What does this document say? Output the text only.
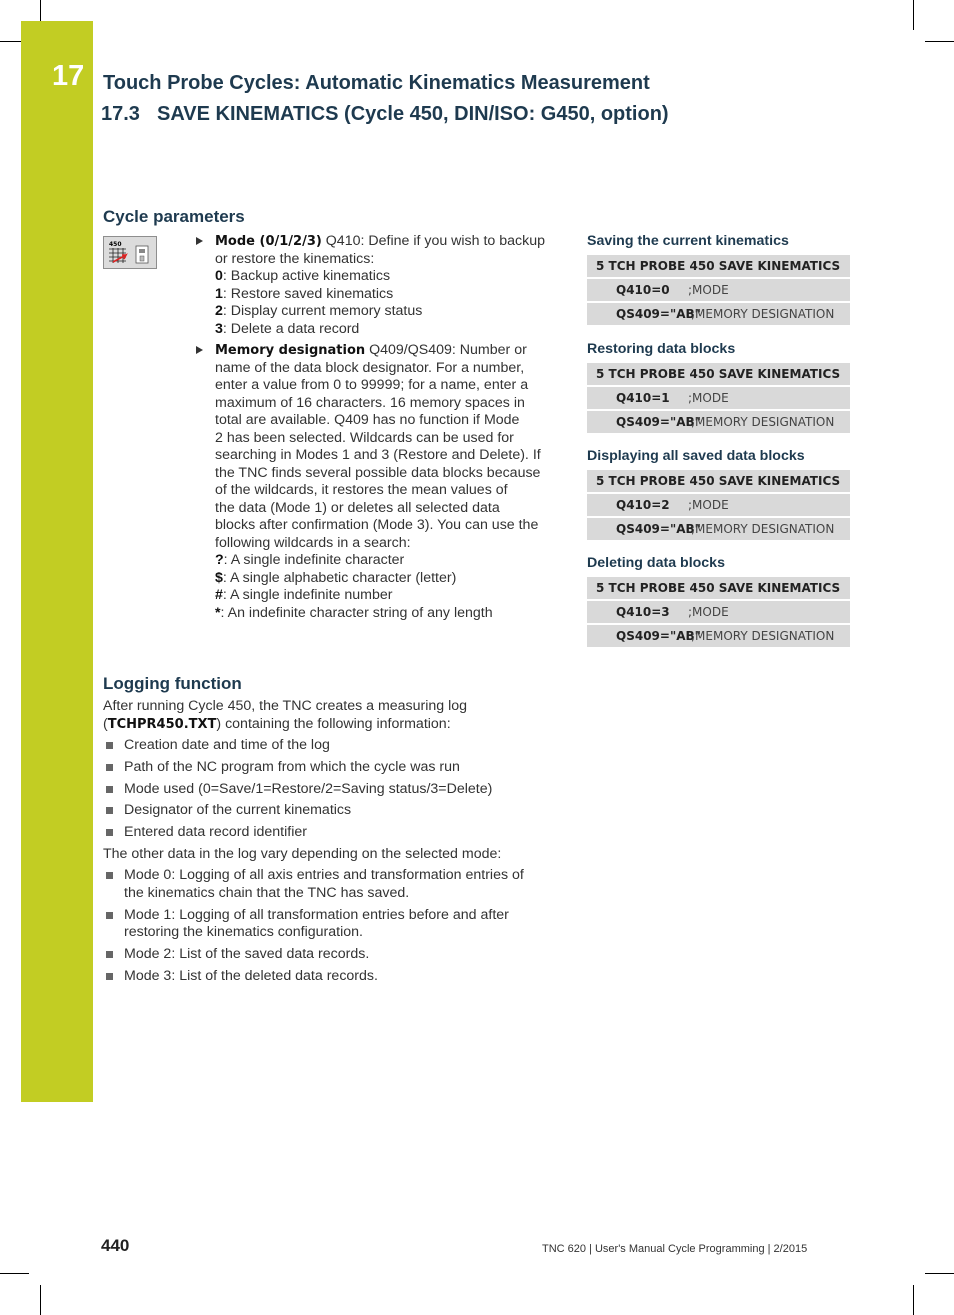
17 Touch Probe Cycles: Automatic Kinematics Measurement
17.3 SAVE KINEMATICS (Cycle 450, DIN/ISO: G450, option)
Cycle parameters
450	Mode (0/1/2/3) Q410: Define if you wish to backup
or restore the kinematics:
0: Backup active kinematics
1: Restore saved kinematics
2: Display current memory status
3: Delete a data record
Memory designation Q409/QS409: Number or
name of the data block designator. For a number,
enter a value from 0 to 99999; for a name, enter a
maximum of 16 characters. 16 memory spaces in
total are available. Q409 has no function if Mode
2 has been selected. Wildcards can be used for
searching in Modes 1 and 3 (Restore and Delete). If
the TNC finds several possible data blocks because
of the wildcards, it restores the mean values of
the data (Mode 1) or deletes all selected data
blocks after confirmation (Mode 3). You can use the
following wildcards in a search:
?: A single indefinite character
$: A single alphabetic character (letter)
#: A single indefinite number
*: An indefinite character string of any length
Logging function

After running Cycle 450, the TNC creates a measuring log (TCHPR450.TXT) containing the following information:

Creation date and time of the log
Path of the NC program from which the cycle was run
Mode used (0=Save/1=Restore/2=Saving status/3=Delete)
Designator of the current kinematics
Entered data record identifier

The other data in the log vary depending on the selected mode:

Mode 0: Logging of all axis entries and transformation entries of the kinematics chain that the TNC has saved.
Mode 1: Logging of all transformation entries before and after restoring the kinematics configuration.
Mode 2: List of the saved data records.
Mode 3: List of the deleted data records.
Saving the current kinematics
5 TCH PROBE 450 SAVE KINEMATICS
Q410=0 ;MODE
QS409="AB"
;MEMORY DESIGNATION
Restoring data blocks
5 TCH PROBE 450 SAVE KINEMATICS
Q410=1 ;MODE
QS409="AB"
;MEMORY DESIGNATION
Displaying all saved data blocks
5 TCH PROBE 450 SAVE KINEMATICS
Q410=2 ;MODE
QS409="AB"
;MEMORY DESIGNATION
Deleting data blocks
5 TCH PROBE 450 SAVE KINEMATICS
Q410=3 ;MODE
QS409="AB"
;MEMORY DESIGNATION
440	TNC 620 | User's Manual Cycle Programming | 2/2015
